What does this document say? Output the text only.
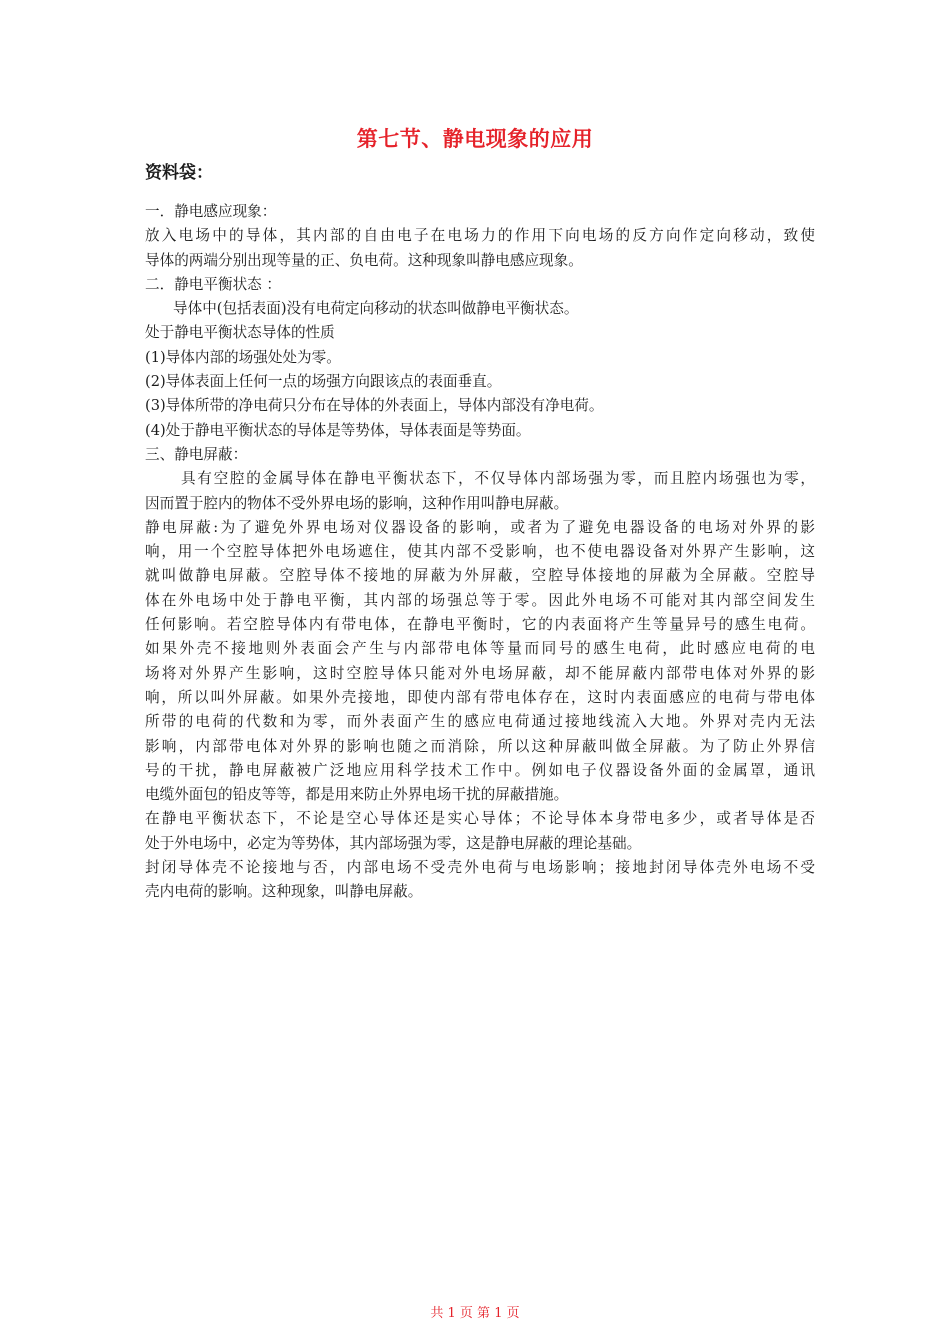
第七节、静电现象的应用
资料袋：
一．静电感应现象：
放入电场中的导体，其内部的自由电子在电场力的作用下向电场的反方向作定向移动，致使
导体的两端分别出现等量的正、负电荷。这种现象叫静电感应现象。
二．静电平衡状态 ：
导体中(包括表面)没有电荷定向移动的状态叫做静电平衡状态。
处于静电平衡状态导体的性质
(1)导体内部的场强处处为零。
(2)导体表面上任何一点的场强方向跟该点的表面垂直。
(3)导体所带的净电荷只分布在导体的外表面上，导体内部没有净电荷。
(4)处于静电平衡状态的导体是等势体，导体表面是等势面。
三、静电屏蔽：
具有空腔的金属导体在静电平衡状态下，不仅导体内部场强为零，而且腔内场强也为零，
因而置于腔内的物体不受外界电场的影响，这种作用叫静电屏蔽。
静电屏蔽:为了避免外界电场对仪器设备的影响，或者为了避免电器设备的电场对外界的影
响，用一个空腔导体把外电场遮住，使其内部不受影响，也不使电器设备对外界产生影响，这
就叫做静电屏蔽。空腔导体不接地的屏蔽为外屏蔽，空腔导体接地的屏蔽为全屏蔽。空腔导
体在外电场中处于静电平衡，其内部的场强总等于零。因此外电场不可能对其内部空间发生
任何影响。若空腔导体内有带电体，在静电平衡时，它的内表面将产生等量异号的感生电荷。
如果外壳不接地则外表面会产生与内部带电体等量而同号的感生电荷，此时感应电荷的电
场将对外界产生影响，这时空腔导体只能对外电场屏蔽，却不能屏蔽内部带电体对外界的影
响，所以叫外屏蔽。如果外壳接地，即使内部有带电体存在，这时内表面感应的电荷与带电体
所带的电荷的代数和为零，而外表面产生的感应电荷通过接地线流入大地。外界对壳内无法
影响，内部带电体对外界的影响也随之而消除，所以这种屏蔽叫做全屏蔽。为了防止外界信
号的干扰，静电屏蔽被广泛地应用科学技术工作中。例如电子仪器设备外面的金属罩，通讯
电缆外面包的铅皮等等，都是用来防止外界电场干扰的屏蔽措施。
在静电平衡状态下，不论是空心导体还是实心导体；不论导体本身带电多少，或者导体是否
处于外电场中，必定为等势体，其内部场强为零，这是静电屏蔽的理论基础。
封闭导体壳不论接地与否，内部电场不受壳外电荷与电场影响；接地封闭导体壳外电场不受
壳内电荷的影响。这种现象，叫静电屏蔽。
共 1 页 第 1 页
